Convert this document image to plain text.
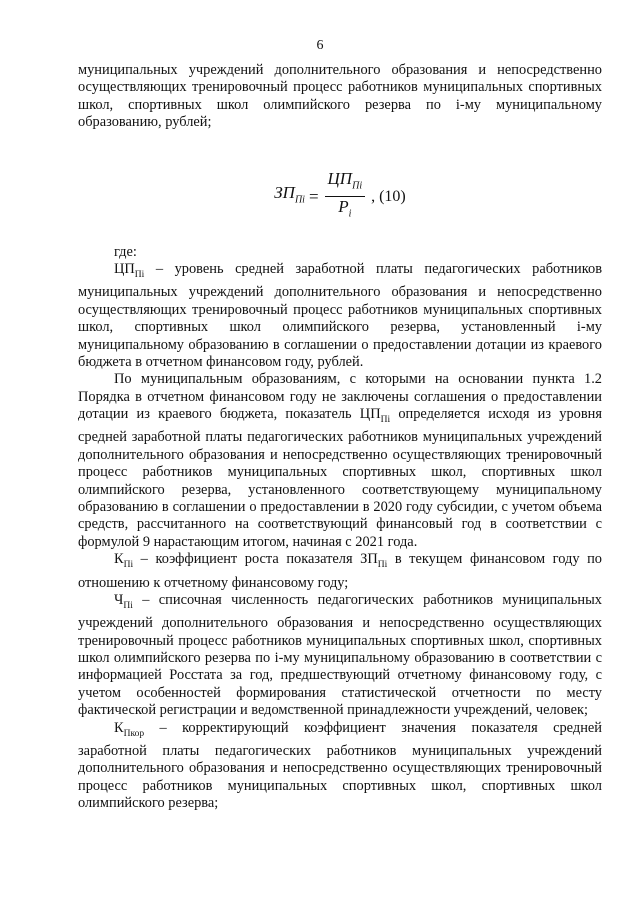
6

муниципальных учреждений дополнительного образования и непосредственно осуществляющих тренировочный процесс работников муниципальных спортивных школ, спортивных школ олимпийского резерва по i-му муниципальному образованию, рублей;

$ЗП_{Пi} = \frac{ЦП_{Пi}}{P_i}$ , (10)

где:

$ЦП_{Пi}$ – уровень средней заработной платы педагогических работников муниципальных учреждений дополнительного образования и непосредственно осуществляющих тренировочный процесс работников муниципальных спортивных школ, спортивных школ олимпийского резерва, установленный i-му муниципальному образованию в соглашении о предоставлении дотации из краевого бюджета в отчетном финансовом году, рублей.

По муниципальным образованиям, с которыми на основании пункта 1.2 Порядка в отчетном финансовом году не заключены соглашения о предоставлении дотации из краевого бюджета, показатель $ЦП_{Пi}$ определяется исходя из уровня средней заработной платы педагогических работников муниципальных учреждений дополнительного образования и непосредственно осуществляющих тренировочный процесс работников муниципальных спортивных школ, спортивных школ олимпийского резерва, установленного соответствующему муниципальному образованию в соглашении о предоставлении в 2020 году субсидии, с учетом объема средств, рассчитанного на соответствующий финансовый год в соответствии с формулой 9 нарастающим итогом, начиная с 2021 года.

$К_{Пi}$ – коэффициент роста показателя $ЗП_{Пi}$ в текущем финансовом году по отношению к отчетному финансовому году;

$Ч_{Пi}$ – списочная численность педагогических работников муниципальных учреждений дополнительного образования и непосредственно осуществляющих тренировочный процесс работников муниципальных спортивных школ, спортивных школ олимпийского резерва по i-му муниципальному образованию в соответствии с информацией Росстата за год, предшествующий отчетному финансовому году, с учетом особенностей формирования статистической отчетности по месту фактической регистрации и ведомственной принадлежности учреждений, человек;

$К_{Пкор}$ – корректирующий коэффициент значения показателя средней заработной платы педагогических работников муниципальных учреждений дополнительного образования и непосредственно осуществляющих тренировочный процесс работников муниципальных спортивных школ, спортивных школ олимпийского резерва;
